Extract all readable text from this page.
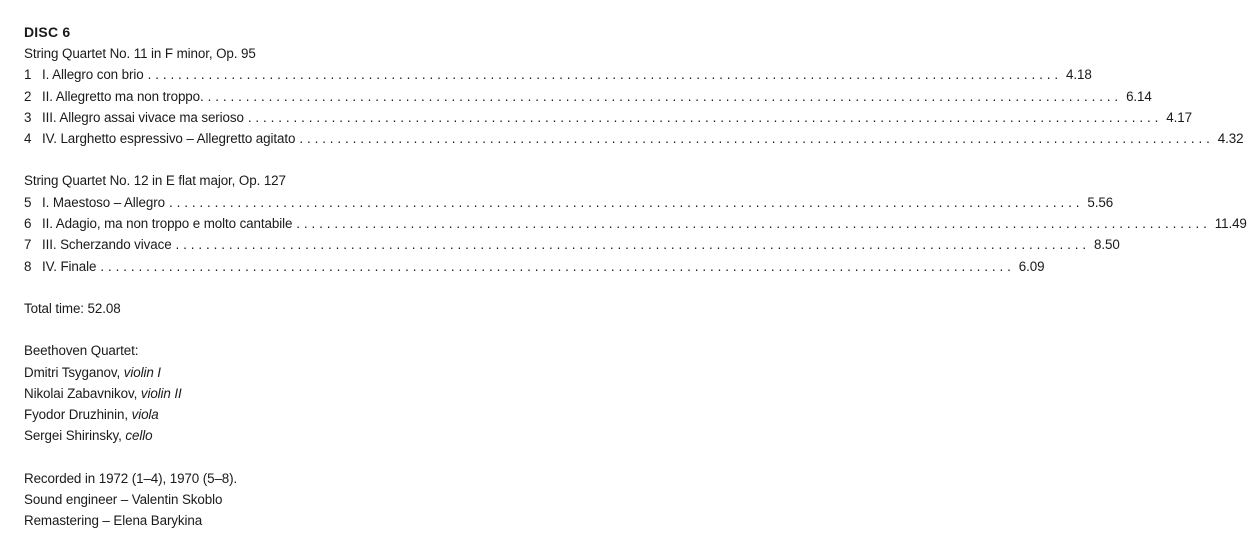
DISC 6
String Quartet No. 11 in F minor, Op. 95
1 I. Allegro con brio ........................................................................................................................ 4.18
2 II. Allegretto ma non troppo. ........................................................................................................................ 6.14
3 III. Allegro assai vivace ma serioso ........................................................................................................................ 4.17
4 IV. Larghetto espressivo – Allegretto agitato ........................................................................................................................ 4.32
String Quartet No. 12 in E flat major, Op. 127
5 I. Maestoso – Allegro ........................................................................................................................ 5.56
6 II. Adagio, ma non troppo e molto cantabile ........................................................................................................................ 11.49
7 III. Scherzando vivace ........................................................................................................................ 8.50
8 IV. Finale ........................................................................................................................ 6.09
Total time: 52.08
Beethoven Quartet:
Dmitri Tsyganov, violin I
Nikolai Zabavnikov, violin II
Fyodor Druzhinin, viola
Sergei Shirinsky, cello
Recorded in 1972 (1–4), 1970 (5–8).
Sound engineer – Valentin Skoblo
Remastering – Elena Barykina
